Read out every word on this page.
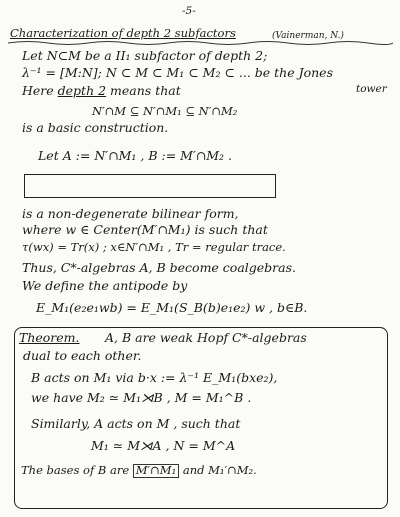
-5-
Characterization of depth 2 subfactors	(Vainerman, N.)
Let N⊂M be a II₁ subfactor of depth 2;
λ⁻¹ = [M:N]; N ⊂ M ⊂ M₁ ⊂ M₂ ⊂ ... be the Jones
tower
Here depth 2 means that
N′∩M ⊆ N′∩M₁ ⊆ N′∩M₂
is a basic construction.
Let A := N′∩M₁ , B := M′∩M₂ .
is a non-degenerate bilinear form,
where w ∈ Center(M′∩M₁) is such that
τ(wx) = Tr(x) ; x∈N′∩M₁ , Tr = regular trace.
Thus, C*-algebras A, B become coalgebras.
We define the antipode by
E_M₁(e₂e₁wb) = E_M₁(S_B(b)e₁e₂) w , b∈B.
Theorem. A, B are weak Hopf C*-algebras
dual to each other.
B acts on M₁ via b·x := λ⁻¹ E_M₁(bxe₂),
we have M₂ ≃ M₁⋊B , M = M₁^B .
Similarly, A acts on M , such that
M₁ ≃ M⋊A , N = M^A
The bases of B are M′∩M₁ and M₁′∩M₂.
